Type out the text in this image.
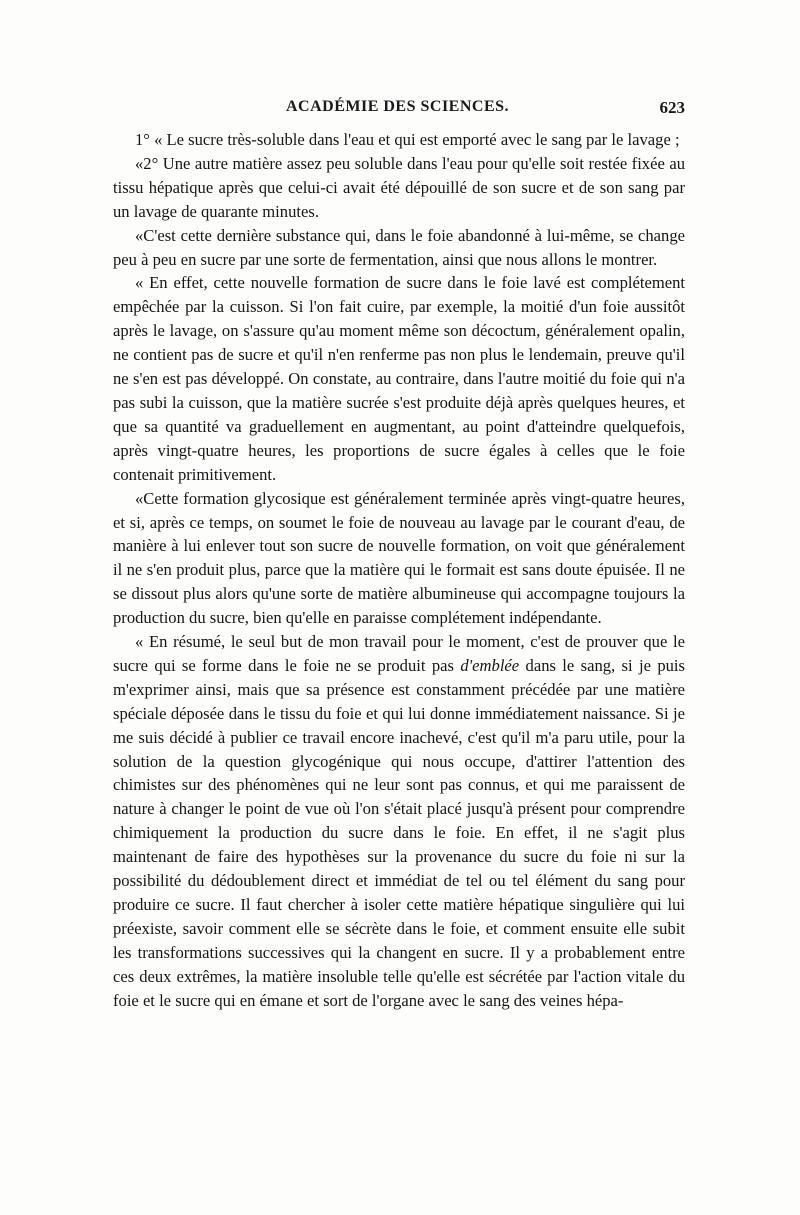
ACADÉMIE DES SCIENCES.	623

1° « Le sucre très-soluble dans l'eau et qui est emporté avec le sang par le lavage ;

«2° Une autre matière assez peu soluble dans l'eau pour qu'elle soit restée fixée au tissu hépatique après que celui-ci avait été dépouillé de son sucre et de son sang par un lavage de quarante minutes.

«C'est cette dernière substance qui, dans le foie abandonné à lui-même, se change peu à peu en sucre par une sorte de fermentation, ainsi que nous allons le montrer.

« En effet, cette nouvelle formation de sucre dans le foie lavé est complétement empêchée par la cuisson. Si l'on fait cuire, par exemple, la moitié d'un foie aussitôt après le lavage, on s'assure qu'au moment même son décoctum, généralement opalin, ne contient pas de sucre et qu'il n'en renferme pas non plus le lendemain, preuve qu'il ne s'en est pas développé. On constate, au contraire, dans l'autre moitié du foie qui n'a pas subi la cuisson, que la matière sucrée s'est produite déjà après quelques heures, et que sa quantité va graduellement en augmentant, au point d'atteindre quelquefois, après vingt-quatre heures, les proportions de sucre égales à celles que le foie contenait primitivement.

«Cette formation glycosique est généralement terminée après vingt-quatre heures, et si, après ce temps, on soumet le foie de nouveau au lavage par le courant d'eau, de manière à lui enlever tout son sucre de nouvelle formation, on voit que généralement il ne s'en produit plus, parce que la matière qui le formait est sans doute épuisée. Il ne se dissout plus alors qu'une sorte de matière albumineuse qui accompagne toujours la production du sucre, bien qu'elle en paraisse complétement indépendante.

« En résumé, le seul but de mon travail pour le moment, c'est de prouver que le sucre qui se forme dans le foie ne se produit pas d'emblée dans le sang, si je puis m'exprimer ainsi, mais que sa présence est constamment précédée par une matière spéciale déposée dans le tissu du foie et qui lui donne immédiatement naissance. Si je me suis décidé à publier ce travail encore inachevé, c'est qu'il m'a paru utile, pour la solution de la question glycogénique qui nous occupe, d'attirer l'attention des chimistes sur des phénomènes qui ne leur sont pas connus, et qui me paraissent de nature à changer le point de vue où l'on s'était placé jusqu'à présent pour comprendre chimiquement la production du sucre dans le foie. En effet, il ne s'agit plus maintenant de faire des hypothèses sur la provenance du sucre du foie ni sur la possibilité du dédoublement direct et immédiat de tel ou tel élément du sang pour produire ce sucre. Il faut chercher à isoler cette matière hépatique singulière qui lui préexiste, savoir comment elle se sécrète dans le foie, et comment ensuite elle subit les transformations successives qui la changent en sucre. Il y a probablement entre ces deux extrêmes, la matière insoluble telle qu'elle est sécrétée par l'action vitale du foie et le sucre qui en émane et sort de l'organe avec le sang des veines hépa-
